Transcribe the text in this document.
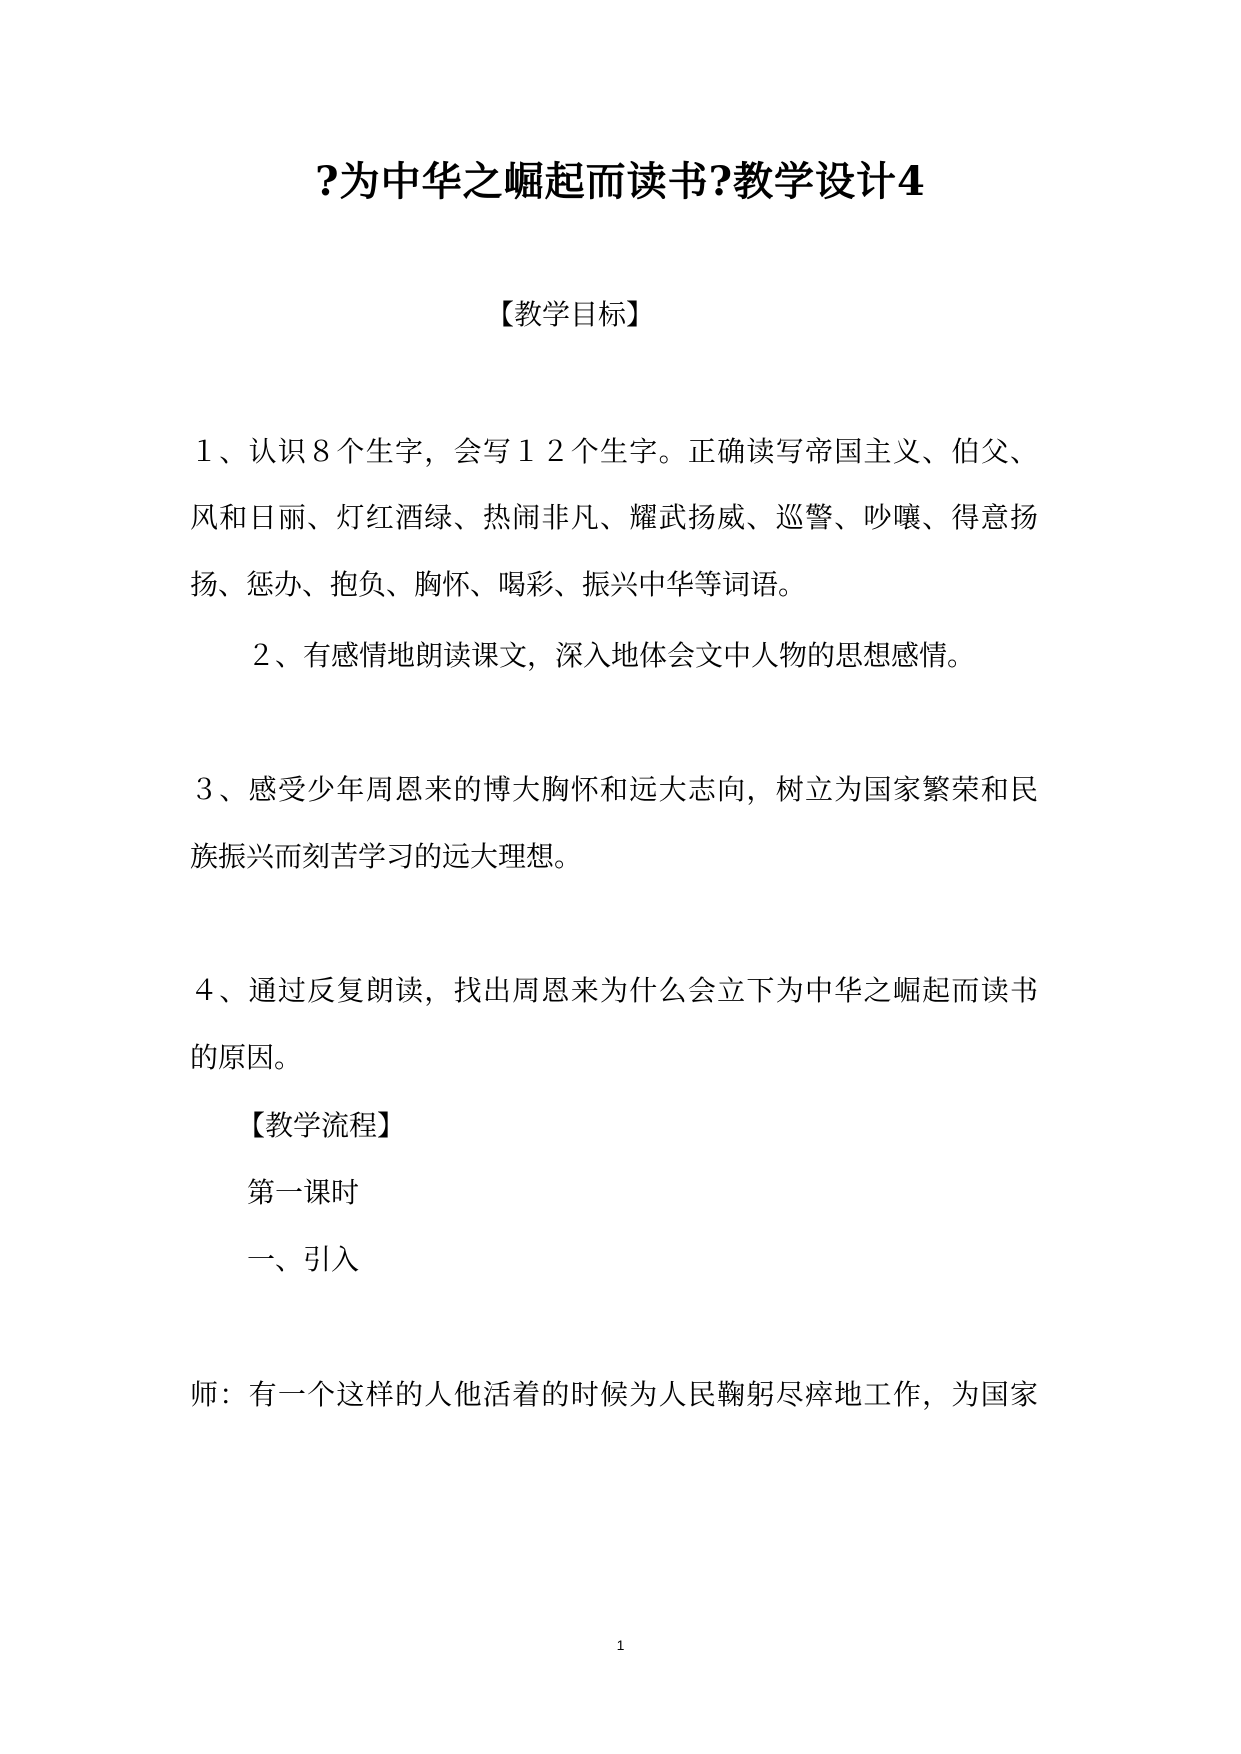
?为中华之崛起而读书?教学设计4
【教学目标】
１、认识８个生字，会写１２个生字。正确读写帝国主义、伯父、
风和日丽、灯红酒绿、热闹非凡、耀武扬威、巡警、吵嚷、得意扬
扬、惩办、抱负、胸怀、喝彩、振兴中华等词语。
２、有感情地朗读课文，深入地体会文中人物的思想感情。
３、感受少年周恩来的博大胸怀和远大志向，树立为国家繁荣和民
族振兴而刻苦学习的远大理想。
４、通过反复朗读，找出周恩来为什么会立下为中华之崛起而读书
的原因。
【教学流程】
第一课时
一、引入
师：有一个这样的人他活着的时候为人民鞠躬尽瘁地工作，为国家
1
